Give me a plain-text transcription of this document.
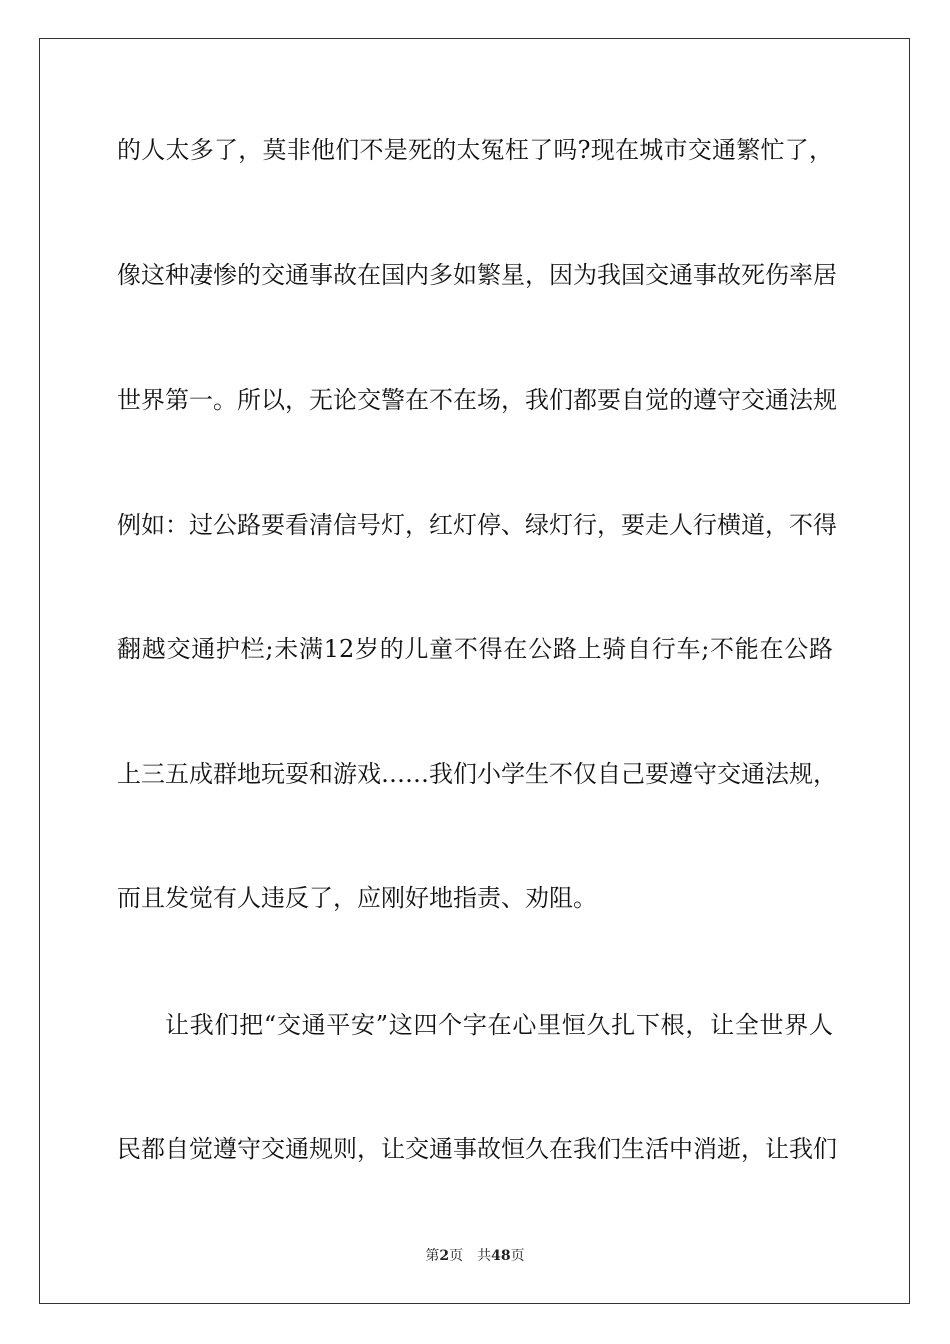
的人太多了，莫非他们不是死的太冤枉了吗?现在城市交通繁忙了，
像这种凄惨的交通事故在国内多如繁星，因为我国交通事故死伤率居
世界第一。所以，无论交警在不在场，我们都要自觉的遵守交通法规
例如：过公路要看清信号灯，红灯停、绿灯行，要走人行横道，不得
翻越交通护栏;未满12岁的儿童不得在公路上骑自行车;不能在公路
上三五成群地玩耍和游戏……我们小学生不仅自己要遵守交通法规，
而且发觉有人违反了，应刚好地指责、劝阻。
让我们把“交通平安”这四个字在心里恒久扎下根，让全世界人
民都自觉遵守交通规则，让交通事故恒久在我们生活中消逝，让我们
第2页 共48页
